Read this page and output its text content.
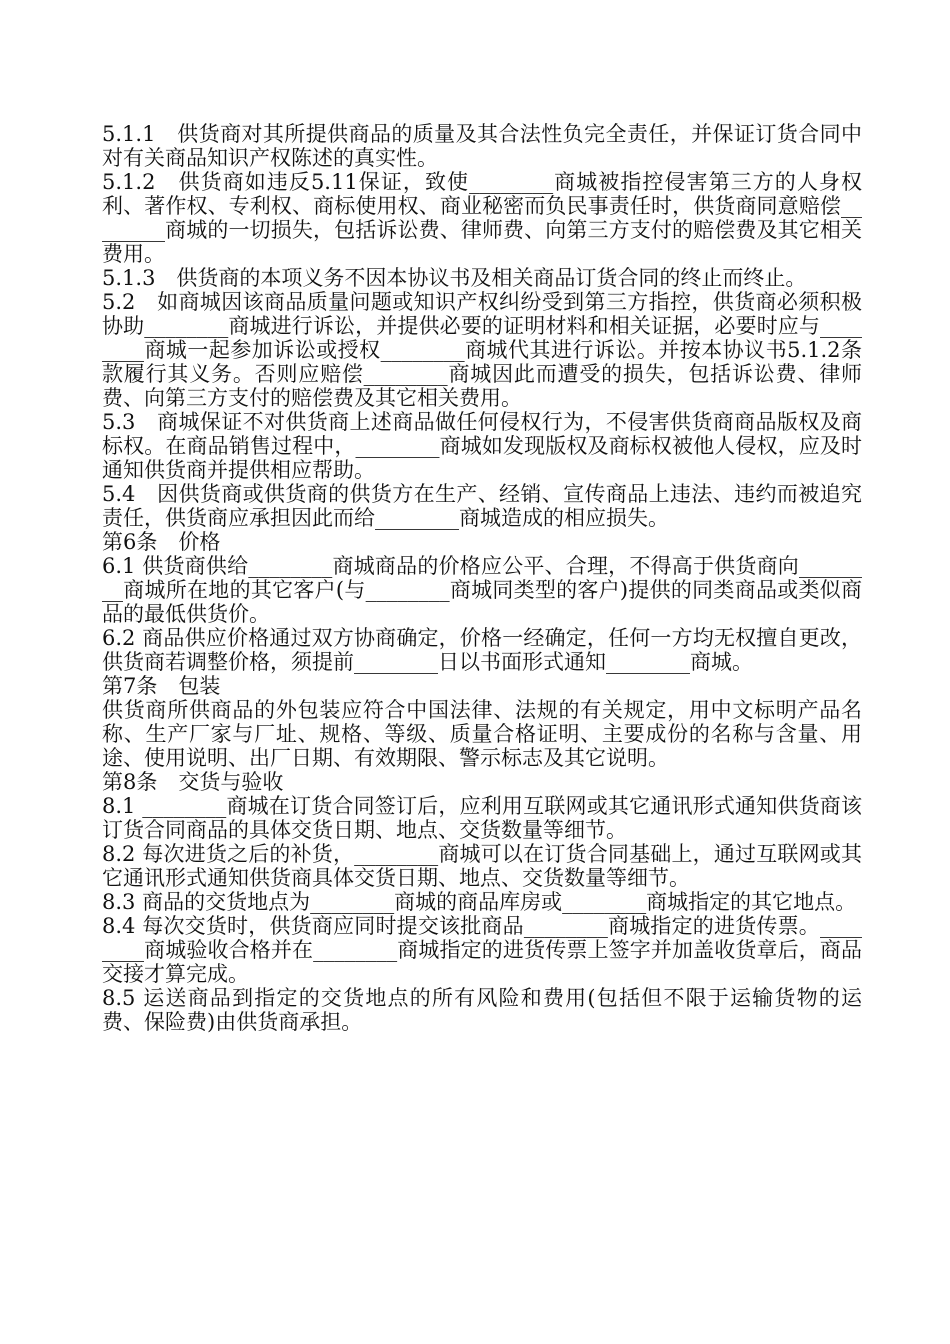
5.1.1　供货商对其所提供商品的质量及其合法性负完全责任，并保证订货合同中对有关商品知识产权陈述的真实性。

5.1.2　供货商如违反5.11保证，致使________商城被指控侵害第三方的人身权利、著作权、专利权、商标使用权、商业秘密而负民事责任时，供货商同意赔偿________商城的一切损失，包括诉讼费、律师费、向第三方支付的赔偿费及其它相关费用。

5.1.3　供货商的本项义务不因本协议书及相关商品订货合同的终止而终止。

5.2　如商城因该商品质量问题或知识产权纠纷受到第三方指控，供货商必须积极协助________商城进行诉讼，并提供必要的证明材料和相关证据，必要时应与________商城一起参加诉讼或授权________商城代其进行诉讼。并按本协议书5.1.2条款履行其义务。否则应赔偿________商城因此而遭受的损失，包括诉讼费、律师费、向第三方支付的赔偿费及其它相关费用。

5.3　商城保证不对供货商上述商品做任何侵权行为，不侵害供货商商品版权及商标权。在商品销售过程中，________商城如发现版权及商标权被他人侵权，应及时通知供货商并提供相应帮助。

5.4　因供货商或供货商的供货方在生产、经销、宣传商品上违法、违约而被追究责任，供货商应承担因此而给________商城造成的相应损失。

第6条　价格

6.1 供货商供给________商城商品的价格应公平、合理，不得高于供货商向________商城所在地的其它客户(与________商城同类型的客户)提供的同类商品或类似商品的最低供货价。

6.2 商品供应价格通过双方协商确定，价格一经确定，任何一方均无权擅自更改，供货商若调整价格，须提前________日以书面形式通知________商城。

第7条　包装

供货商所供商品的外包装应符合中国法律、法规的有关规定，用中文标明产品名称、生产厂家与厂址、规格、等级、质量合格证明、主要成份的名称与含量、用途、使用说明、出厂日期、有效期限、警示标志及其它说明。

第8条　交货与验收

8.1 ________商城在订货合同签订后，应利用互联网或其它通讯形式通知供货商该订货合同商品的具体交货日期、地点、交货数量等细节。

8.2 每次进货之后的补货，________商城可以在订货合同基础上，通过互联网或其它通讯形式通知供货商具体交货日期、地点、交货数量等细节。

8.3 商品的交货地点为________商城的商品库房或________商城指定的其它地点。

8.4 每次交货时，供货商应同时提交该批商品________商城指定的进货传票。________商城验收合格并在________商城指定的进货传票上签字并加盖收货章后，商品交接才算完成。

8.5 运送商品到指定的交货地点的所有风险和费用(包括但不限于运输货物的运费、保险费)由供货商承担。
